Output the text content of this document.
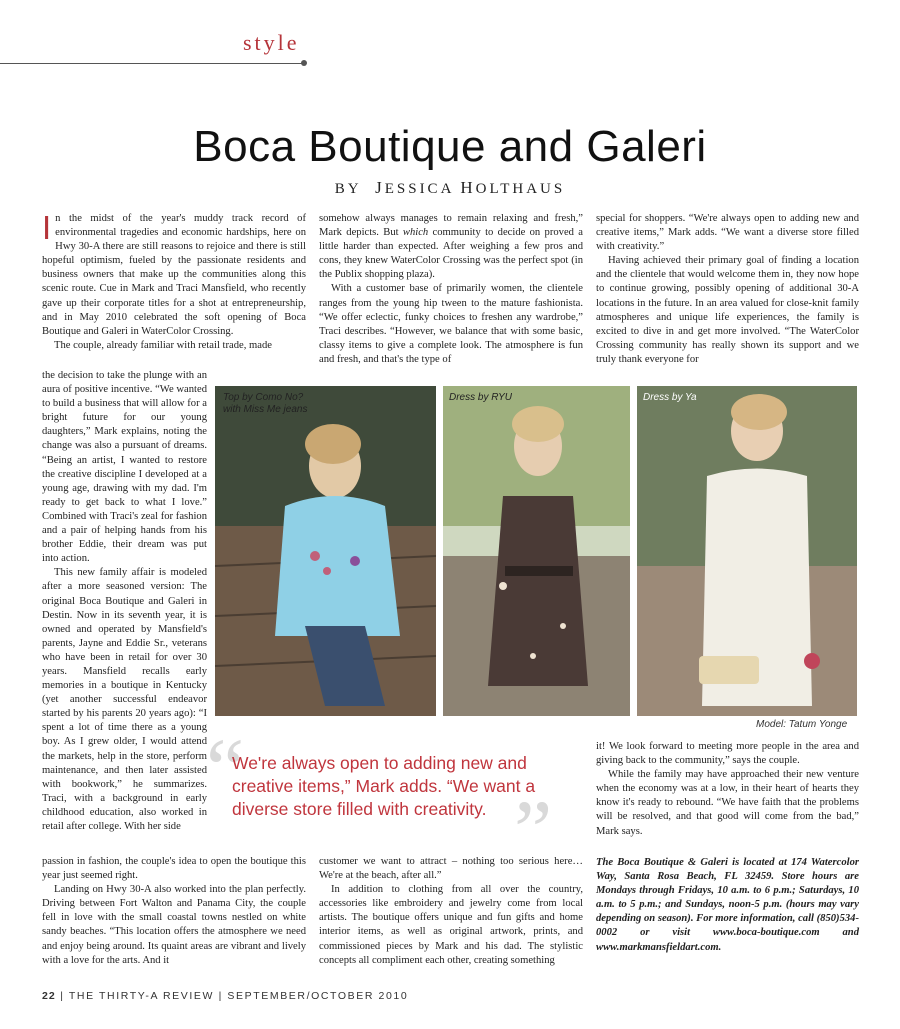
style
Boca Boutique and Galeri
BY JESSICA HOLTHAUS

In the midst of the year's muddy track record of environmental tragedies and economic hardships, here on Hwy 30-A there are still reasons to rejoice and there is still hopeful optimism, fueled by the passionate residents and business owners that make up the communities along this scenic route. Cue in Mark and Traci Mansfield, who recently gave up their corporate titles for a shot at entrepreneurship, and in May 2010 celebrated the soft opening of Boca Boutique and Galeri in WaterColor Crossing.

The couple, already familiar with retail trade, made

the decision to take the plunge with an aura of positive incentive. “We wanted to build a business that will allow for a bright future for our young daughters,” Mark explains, noting the change was also a pursuant of dreams. “Being an artist, I wanted to restore the creative discipline I developed at a young age, drawing with my dad. I'm ready to get back to what I love.” Combined with Traci's zeal for fashion and a pair of helping hands from his brother Eddie, their dream was put into action.

This new family affair is modeled after a more seasoned version: The original Boca Boutique and Galeri in Destin. Now in its seventh year, it is owned and operated by Mansfield's parents, Jayne and Eddie Sr., veterans who have been in retail for over 30 years. Mansfield recalls early memories in a boutique in Kentucky (yet another successful endeavor started by his parents 20 years ago): “I spent a lot of time there as a young boy. As I grew older, I would attend the markets, help in the store, perform maintenance, and then later assisted with bookwork,” he summarizes. Traci, with a background in early childhood education, also worked in retail after college. With her side

passion in fashion, the couple's idea to open the boutique this year just seemed right.

Landing on Hwy 30-A also worked into the plan perfectly. Driving between Fort Walton and Panama City, the couple fell in love with the small coastal towns nestled on white sandy beaches. “This location offers the atmosphere we need and enjoy being around. Its quaint areas are vibrant and lively with a love for the arts. And it

somehow always manages to remain relaxing and fresh,” Mark depicts. But which community to decide on proved a little harder than expected. After weighing a few pros and cons, they knew WaterColor Crossing was the perfect spot (in the Publix shopping plaza).

With a customer base of primarily women, the clientele ranges from the young hip tween to the mature fashionista. “We offer eclectic, funky choices to freshen any wardrobe,” Traci describes. “However, we balance that with some basic, classy items to give a complete look. The atmosphere is fun and fresh, and that's the type of

customer we want to attract – nothing too serious here… We're at the beach, after all.”

In addition to clothing from all over the country, accessories like embroidery and jewelry come from local artists. The boutique offers unique and fun gifts and home interior items, as well as original artwork, prints, and commissioned pieces by Mark and his dad. The stylistic concepts all compliment each other, creating something

special for shoppers. “We're always open to adding new and creative items,” Mark adds. “We want a diverse store filled with creativity.”

Having achieved their primary goal of finding a location and the clientele that would welcome them in, they now hope to continue growing, possibly opening of additional 30-A locations in the future. In an area valued for close-knit family atmospheres and unique life experiences, the family is excited to dive in and get more involved. “The WaterColor Crossing community has really shown its support and we truly thank everyone for

it! We look forward to meeting more people in the area and giving back to the community,” says the couple.

While the family may have approached their new venture when the economy was at a low, in their heart of hearts they know it's ready to rebound. “We have faith that the problems will be resolved, and that good will come from the bad,” Mark says.

The Boca Boutique & Galeri is located at 174 Watercolor Way, Santa Rosa Beach, FL 32459. Store hours are Mondays through Fridays, 10 a.m. to 6 p.m.; Saturdays, 10 a.m. to 5 p.m.; and Sundays, noon-5 p.m. (hours may vary depending on season). For more information, call (850)534-0002 or visit www.boca-boutique.com and www.markmansfieldart.com.

Top by Como No?
with Miss Me jeans
Dress by RYU	Dress by Ya
Model: Tatum Yonge
“
”
We're always open to adding new and creative items,” Mark adds. “We want a diverse store filled with creativity.
22 | THE THIRTY-A REVIEW | SEPTEMBER/OCTOBER 2010
